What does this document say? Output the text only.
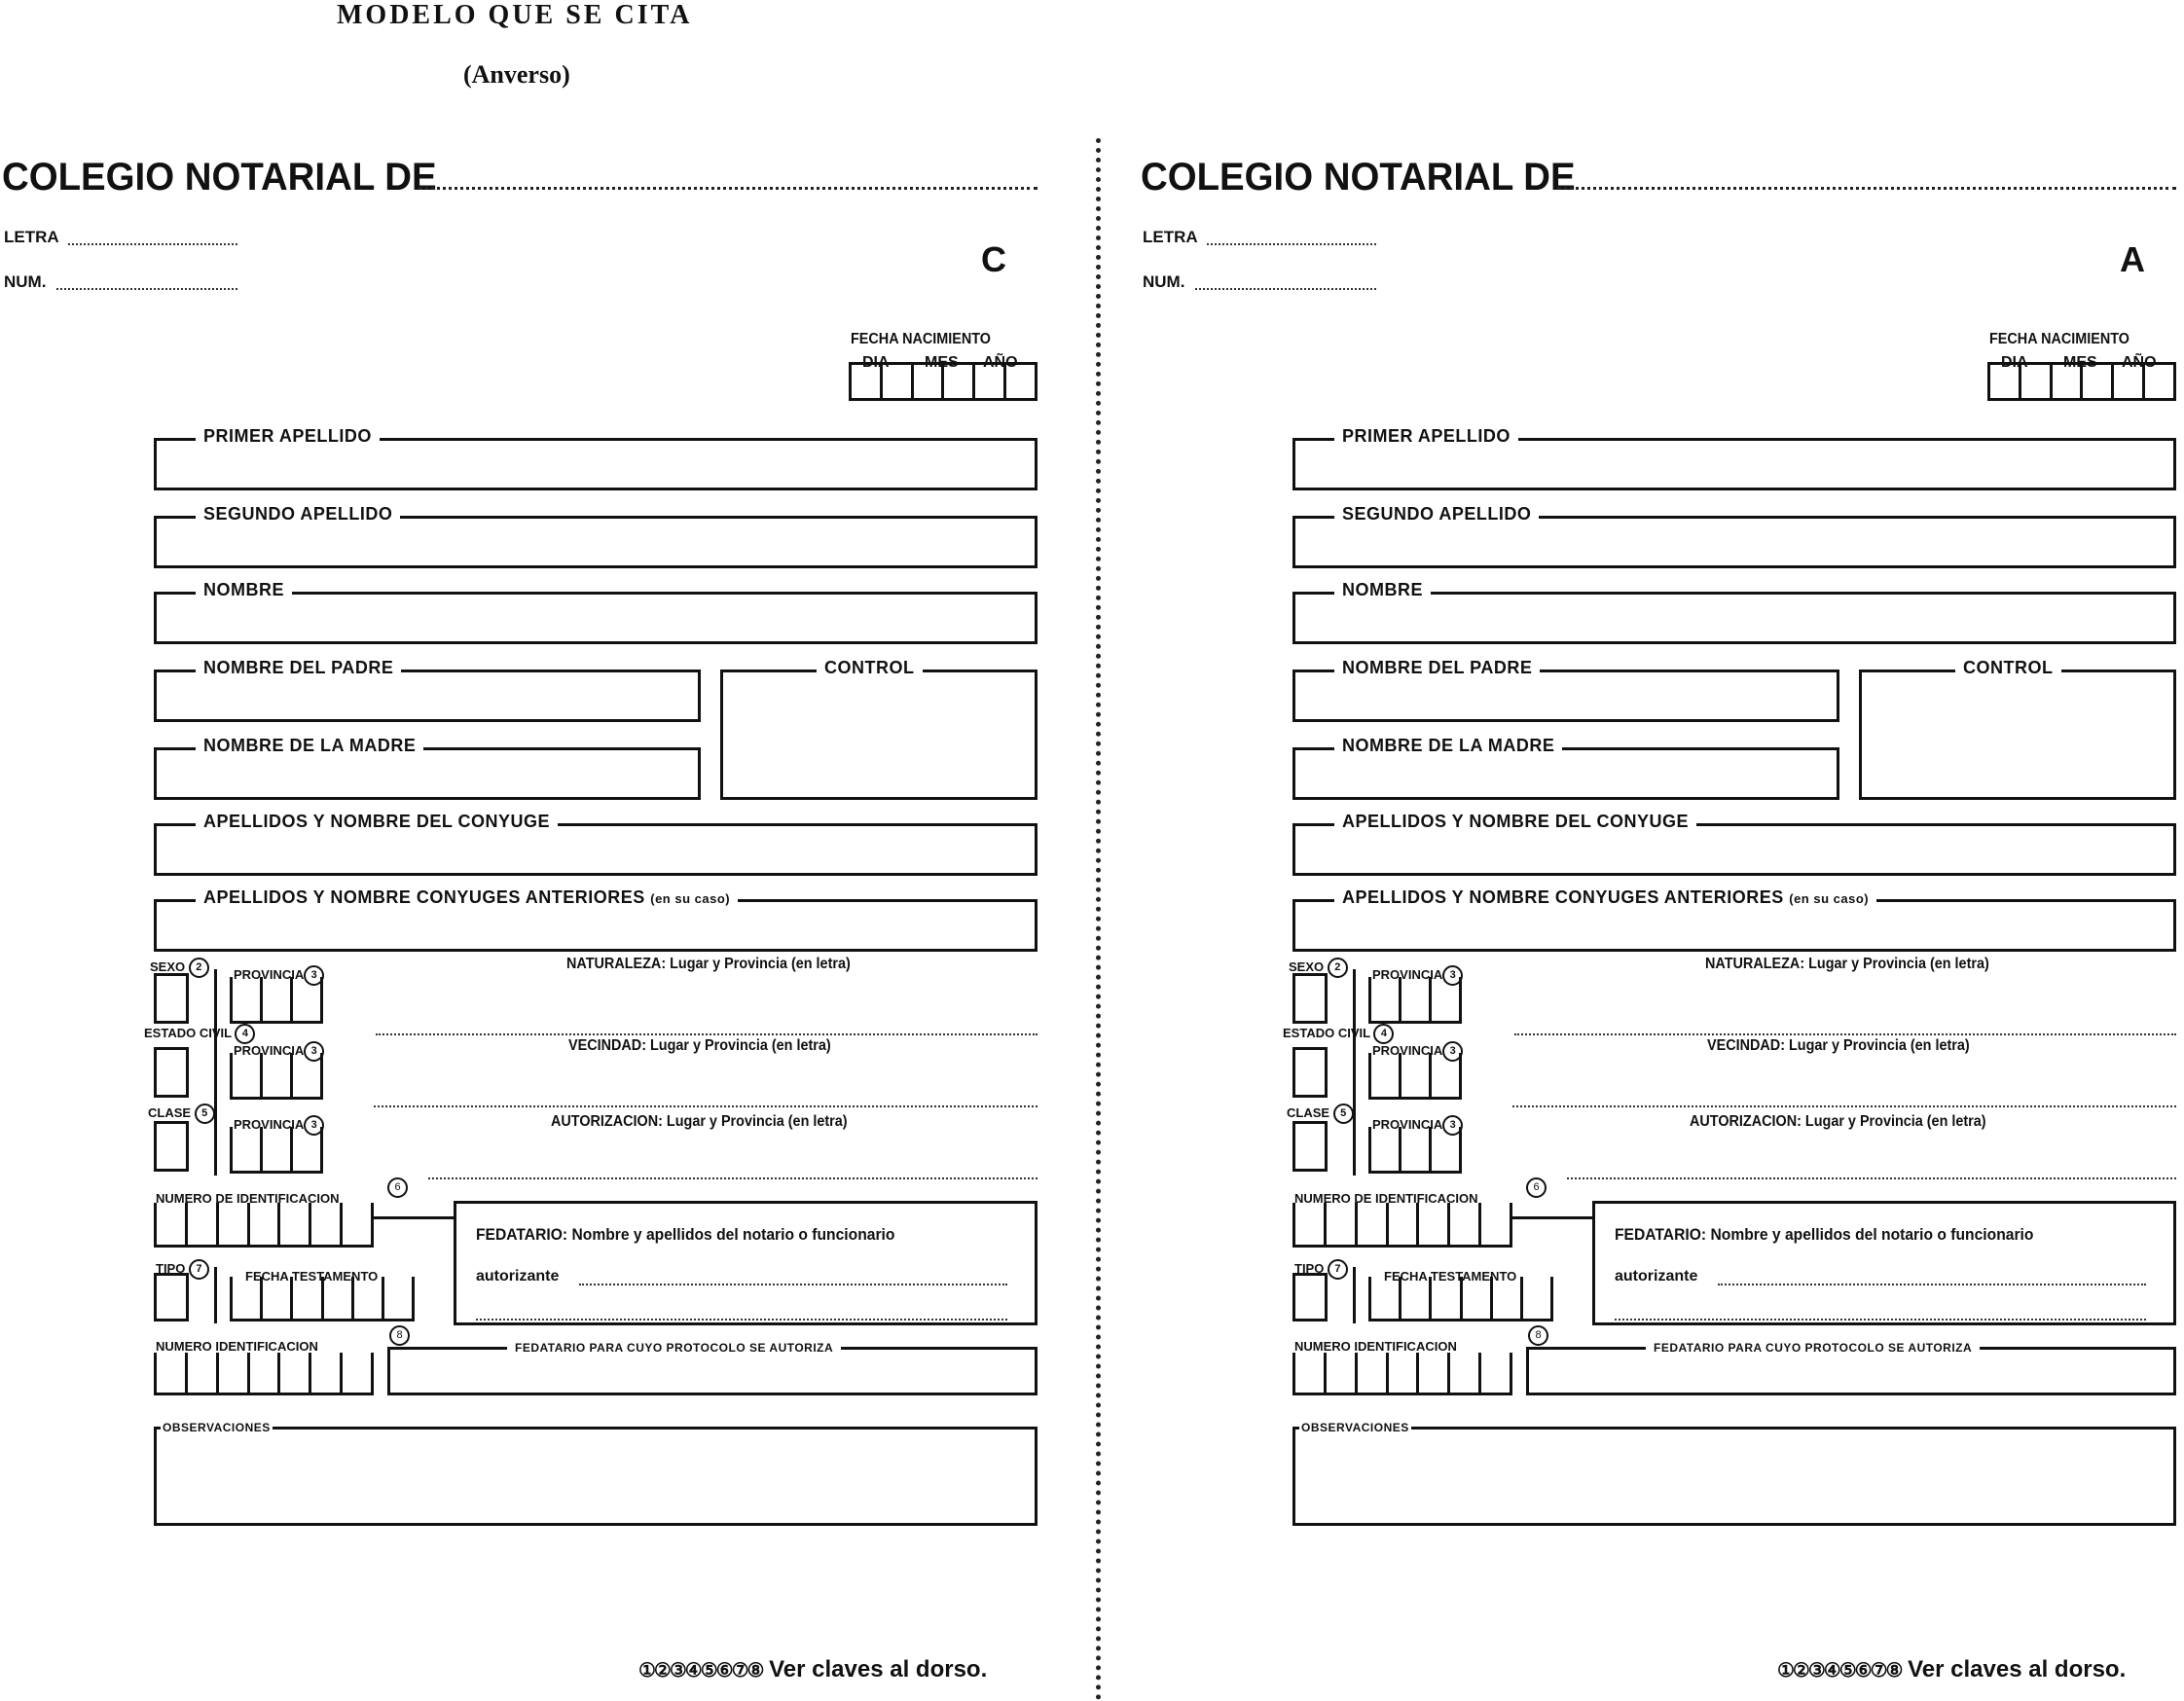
MODELO QUE SE CITA
(Anverso)
COLEGIO NOTARIAL DE
LETRA
NUM.
C
FECHA NACIMIENTO
DIA MES AÑO
PRIMER APELLIDO
SEGUNDO APELLIDO
NOMBRE
NOMBRE DEL PADRE	CONTROL
NOMBRE DE LA MADRE
APELLIDOS Y NOMBRE DEL CONYUGE
APELLIDOS Y NOMBRE CONYUGES ANTERIORES (en su caso)
SEXO 2
ESTADO CIVIL 4
CLASE 5
PROVINCIA 3
PROVINCIA 3
PROVINCIA 3
NATURALEZA: Lugar y Provincia (en letra)
VECINDAD: Lugar y Provincia (en letra)
AUTORIZACION: Lugar y Provincia (en letra)
NUMERO DE IDENTIFICACION
6
FEDATARIO: Nombre y apellidos del notario o funcionario
autorizante
TIPO 7	FECHA TESTAMENTO
NUMERO IDENTIFICACION
8
FEDATARIO PARA CUYO PROTOCOLO SE AUTORIZA
OBSERVACIONES
①②③④⑤⑥⑦⑧ Ver claves al dorso.
COLEGIO NOTARIAL DE
LETRA
NUM.
A
FECHA NACIMIENTO
DIA MES AÑO
PRIMER APELLIDO
SEGUNDO APELLIDO
NOMBRE
NOMBRE DEL PADRE	CONTROL
NOMBRE DE LA MADRE
APELLIDOS Y NOMBRE DEL CONYUGE
APELLIDOS Y NOMBRE CONYUGES ANTERIORES (en su caso)
SEXO 2
ESTADO CIVIL 4
CLASE 5
PROVINCIA 3
PROVINCIA 3
PROVINCIA 3
NATURALEZA: Lugar y Provincia (en letra)
VECINDAD: Lugar y Provincia (en letra)
AUTORIZACION: Lugar y Provincia (en letra)
NUMERO DE IDENTIFICACION
6
FEDATARIO: Nombre y apellidos del notario o funcionario
autorizante
TIPO 7	FECHA TESTAMENTO
NUMERO IDENTIFICACION
8
FEDATARIO PARA CUYO PROTOCOLO SE AUTORIZA
OBSERVACIONES
①②③④⑤⑥⑦⑧ Ver claves al dorso.
